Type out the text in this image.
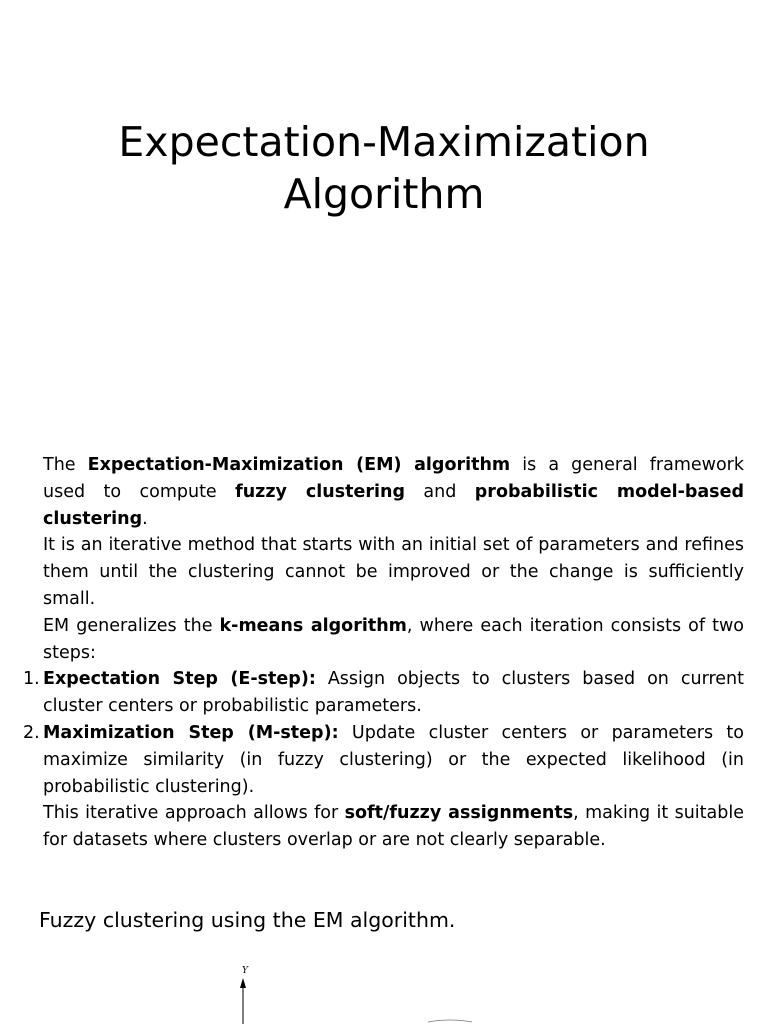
Expectation-Maximization
Algorithm

The Expectation-Maximization (EM) algorithm is a general framework used to compute fuzzy clustering and probabilistic model-based clustering.

It is an iterative method that starts with an initial set of parameters and refines them until the clustering cannot be improved or the change is sufficiently small.

EM generalizes the k-means algorithm, where each iteration consists of two steps:

1. Expectation Step (E-step): Assign objects to clusters based on current cluster centers or probabilistic parameters.

2. Maximization Step (M-step): Update cluster centers or parameters to maximize similarity (in fuzzy clustering) or the expected likelihood (in probabilistic clustering).

This iterative approach allows for soft/fuzzy assignments, making it suitable for datasets where clusters overlap or are not clearly separable.

Fuzzy clustering using the EM algorithm.

Y
